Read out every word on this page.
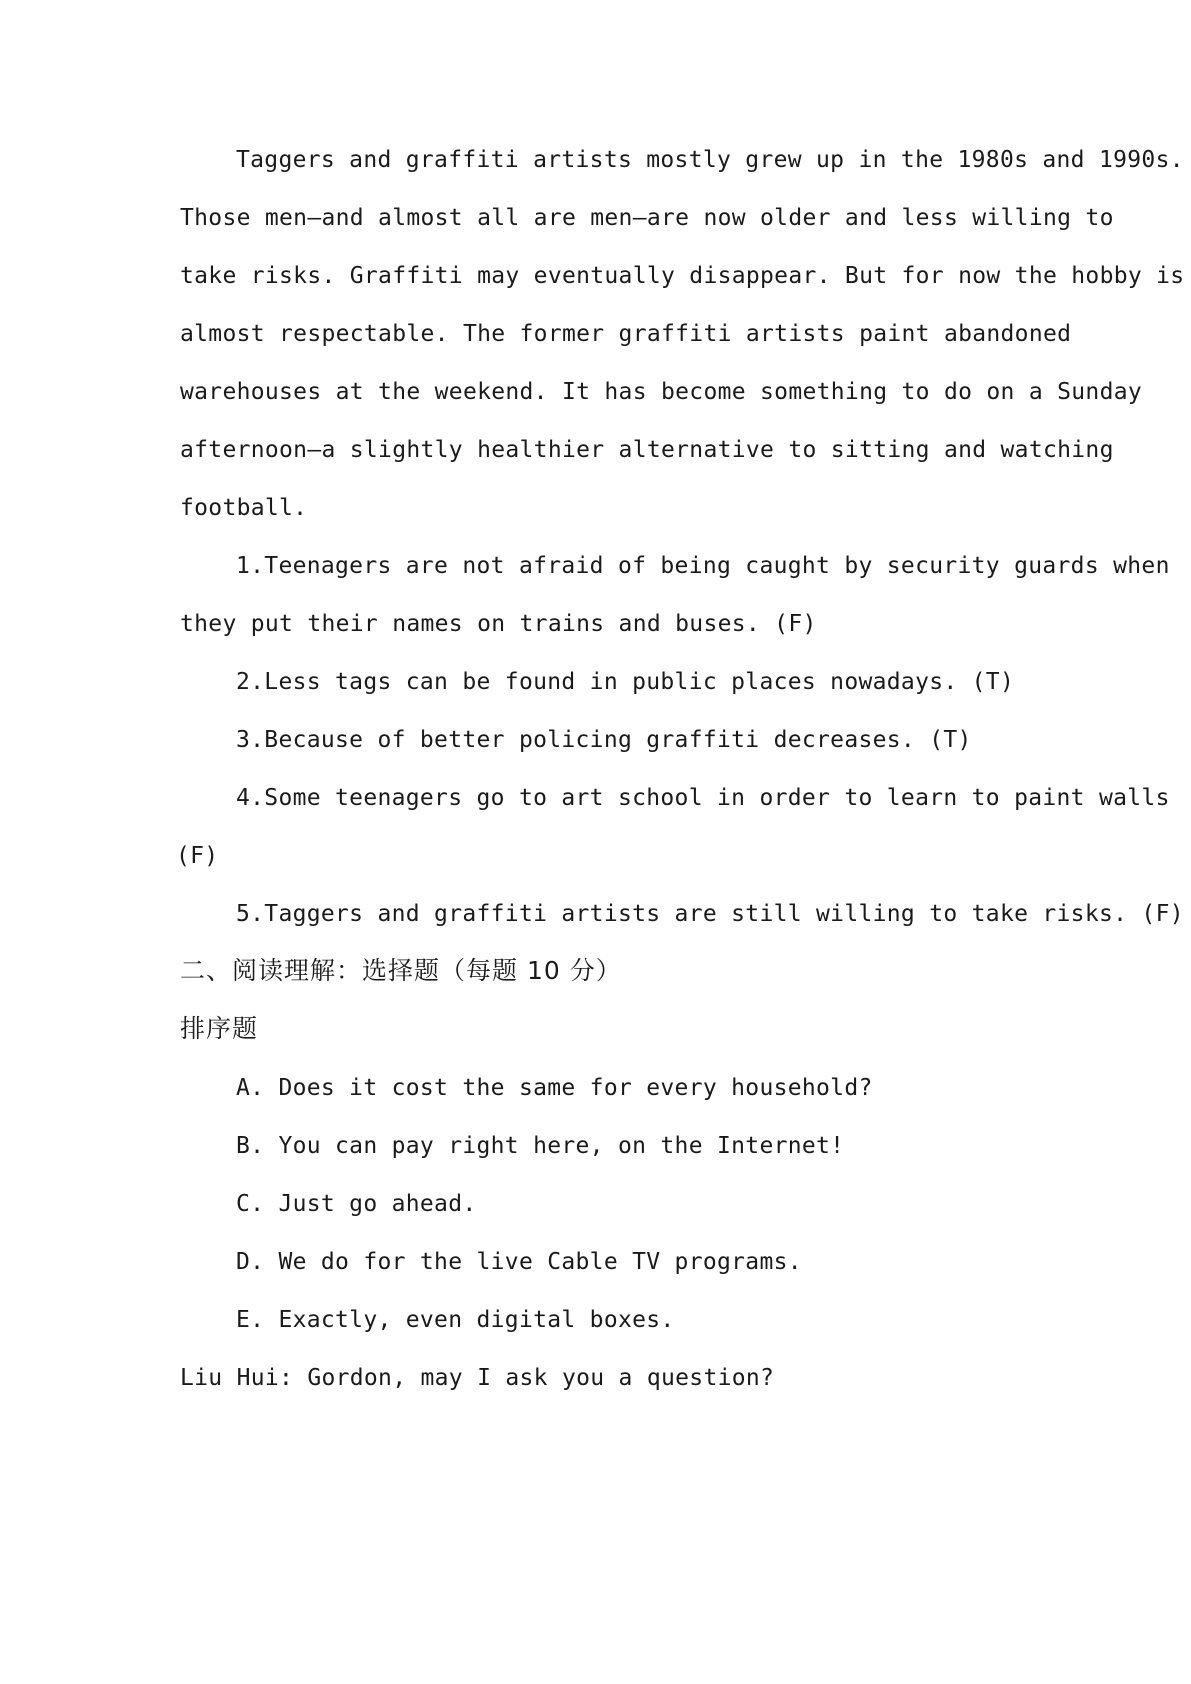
Taggers and graffiti artists mostly grew up in the 1980s and 1990s.
Those men—and almost all are men—are now older and less willing to
take risks. Graffiti may eventually disappear. But for now the hobby is
almost respectable. The former graffiti artists paint abandoned
warehouses at the weekend. It has become something to do on a Sunday
afternoon—a slightly healthier alternative to sitting and watching
football.
1.Teenagers are not afraid of being caught by security guards when
they put their names on trains and buses. (F)
2.Less tags can be found in public places nowadays. (T)
3.Because of better policing graffiti decreases. (T)
4.Some teenagers go to art school in order to learn to paint walls
(F)
5.Taggers and graffiti artists are still willing to take risks. (F)
二、阅读理解：选择题（每题 10 分）
排序题
A. Does it cost the same for every household?
B. You can pay right here, on the Internet!
C. Just go ahead.
D. We do for the live Cable TV programs.
E. Exactly, even digital boxes.
Liu Hui: Gordon, may I ask you a question?
